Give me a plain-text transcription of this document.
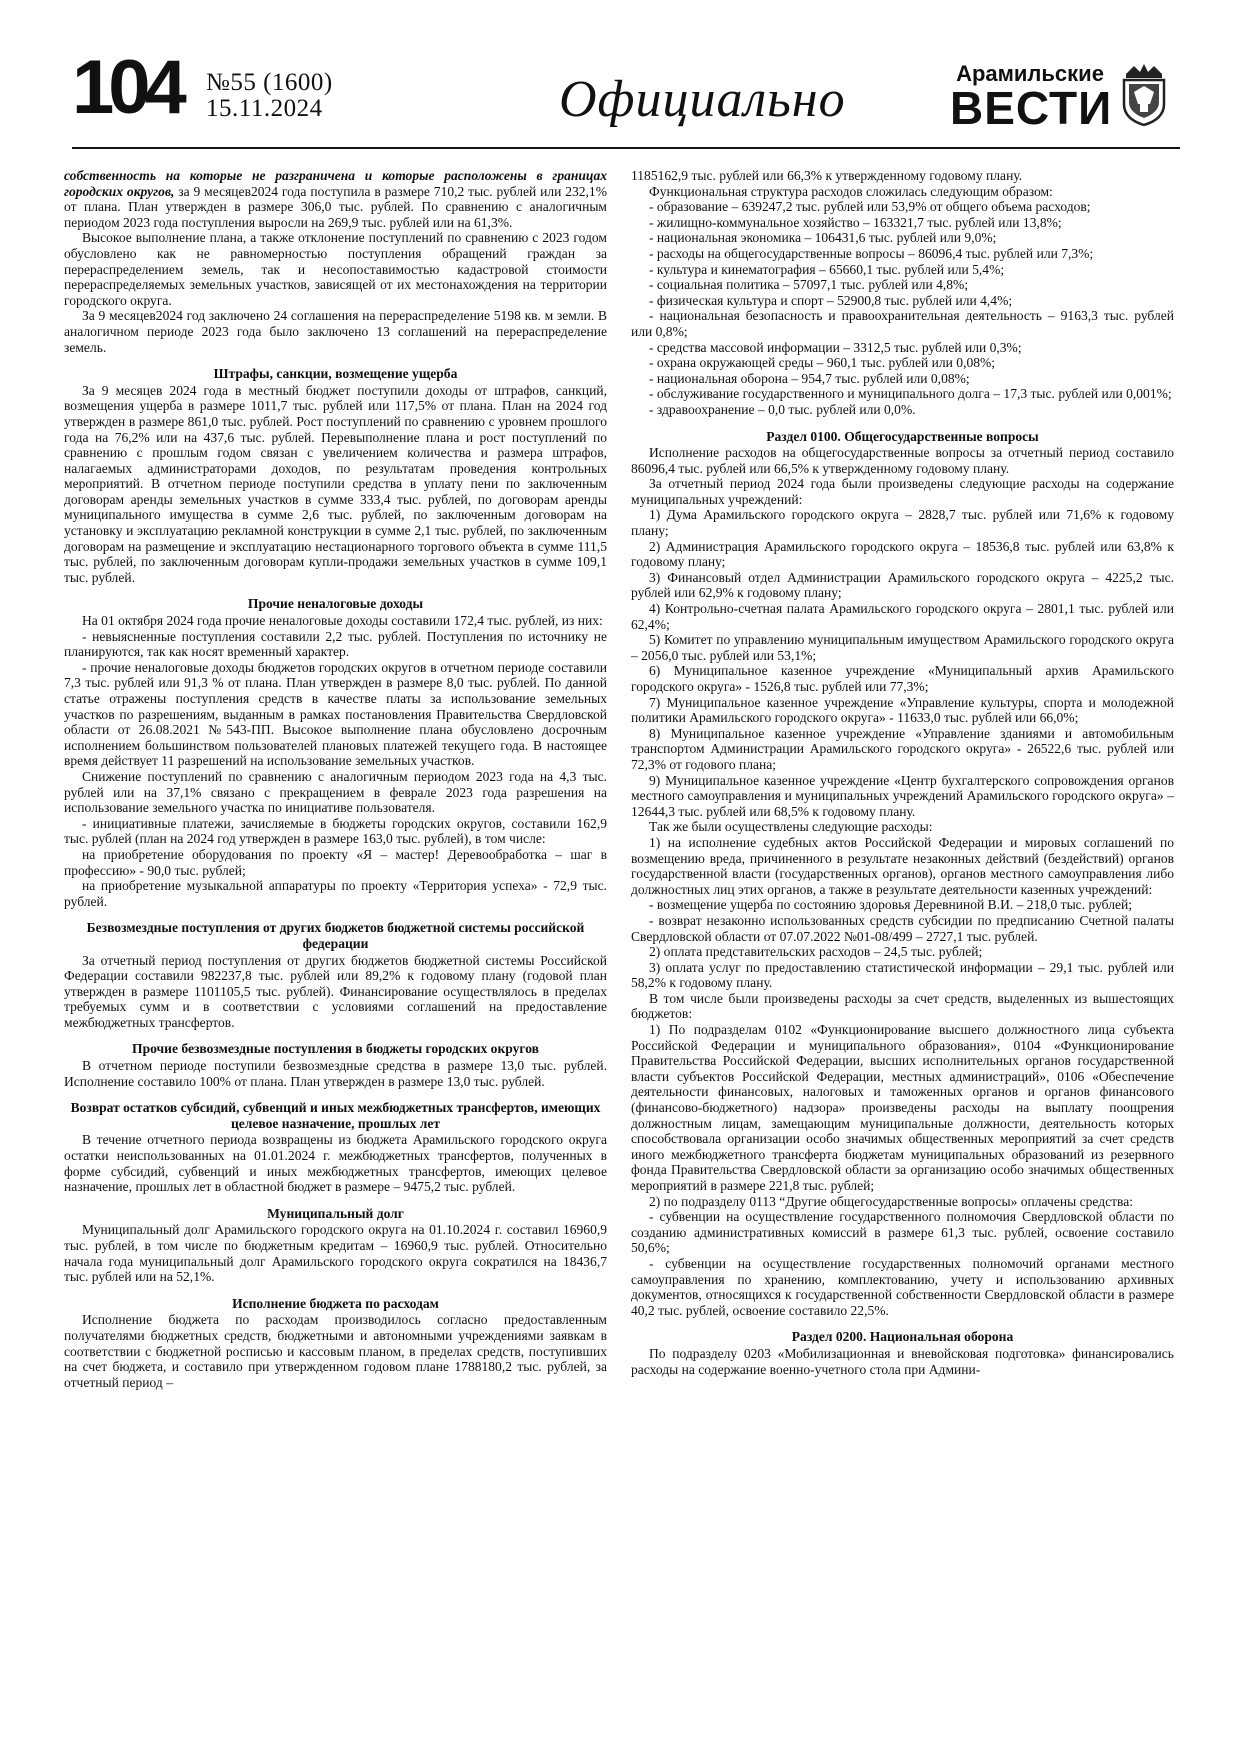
104 №55 (1600)
15.11.2024	Официально	Арамильские
ВЕСТИ

собственность на которые не разграничена и которые расположены в границах городских округов, за 9 месяцев2024 года поступила в размере 710,2 тыс. рублей или 232,1% от плана. План утвержден в размере 306,0 тыс. рублей. По сравнению с аналогичным периодом 2023 года поступления выросли на 269,9 тыс. рублей или на 61,3%.

Высокое выполнение плана, а также отклонение поступлений по сравнению с 2023 годом обусловлено как не равномерностью поступления обращений граждан за перераспределением земель, так и несопоставимостью кадастровой стоимости перераспределяемых земельных участков, зависящей от их местонахождения на территории городского округа.

За 9 месяцев2024 год заключено 24 соглашения на перераспределение 5198 кв. м земли. В аналогичном периоде 2023 года было заключено 13 соглашений на перераспределение земель.

Штрафы, санкции, возмещение ущерба

За 9 месяцев 2024 года в местный бюджет поступили доходы от штрафов, санкций, возмещения ущерба в размере 1011,7 тыс. рублей или 117,5% от плана. План на 2024 год утвержден в размере 861,0 тыс. рублей. Рост поступлений по сравнению с уровнем прошлого года на 76,2% или на 437,6 тыс. рублей. Перевыполнение плана и рост поступлений по сравнению с прошлым годом связан с увеличением количества и размера штрафов, налагаемых администраторами доходов, по результатам проведения контрольных мероприятий. В отчетном периоде поступили средства в уплату пени по заключенным договорам аренды земельных участков в сумме 333,4 тыс. рублей, по договорам аренды муниципального имущества в сумме 2,6 тыс. рублей, по заключенным договорам на установку и эксплуатацию рекламной конструкции в сумме 2,1 тыс. рублей, по заключенным договорам на размещение и эксплуатацию нестационарного торгового объекта в сумме 111,5 тыс. рублей, по заключенным договорам купли-продажи земельных участков в сумме 109,1 тыс. рублей.

Прочие неналоговые доходы

На 01 октября 2024 года прочие неналоговые доходы составили 172,4 тыс. рублей, из них:

- невыясненные поступления составили 2,2 тыс. рублей. Поступления по источнику не планируются, так как носят временный характер.

- прочие неналоговые доходы бюджетов городских округов в отчетном периоде составили 7,3 тыс. рублей или 91,3 % от плана. План утвержден в размере 8,0 тыс. рублей. По данной статье отражены поступления средств в качестве платы за использование земельных участков по разрешениям, выданным в рамках постановления Правительства Свердловской области от 26.08.2021 №543-ПП. Высокое выполнение плана обусловлено досрочным исполнением большинством пользователей плановых платежей текущего года. В настоящее время действует 11 разрешений на использование земельных участков.

Снижение поступлений по сравнению с аналогичным периодом 2023 года на 4,3 тыс. рублей или на 37,1% связано с прекращением в феврале 2023 года разрешения на использование земельного участка по инициативе пользователя.

- инициативные платежи, зачисляемые в бюджеты городских округов, составили 162,9 тыс. рублей (план на 2024 год утвержден в размере 163,0 тыс. рублей), в том числе:

на приобретение оборудования по проекту «Я – мастер! Деревообработка – шаг в профессию» - 90,0 тыс. рублей;

на приобретение музыкальной аппаратуры по проекту «Территория успеха» - 72,9 тыс. рублей.

Безвозмездные поступления от других бюджетов бюджетной системы российской федерации

За отчетный период поступления от других бюджетов бюджетной системы Российской Федерации составили 982237,8 тыс. рублей или 89,2% к годовому плану (годовой план утвержден в размере 1101105,5 тыс. рублей). Финансирование осуществлялось в пределах требуемых сумм и в соответствии с условиями соглашений на предоставление межбюджетных трансфертов.

Прочие безвозмездные поступления в бюджеты городских округов

В отчетном периоде поступили безвозмездные средства в размере 13,0 тыс. рублей. Исполнение составило 100% от плана. План утвержден в размере 13,0 тыс. рублей.

Возврат остатков субсидий, субвенций и иных межбюджетных трансфертов, имеющих целевое назначение, прошлых лет

В течение отчетного периода возвращены из бюджета Арамильского городского округа остатки неиспользованных на 01.01.2024 г. межбюджетных трансфертов, полученных в форме субсидий, субвенций и иных межбюджетных трансфертов, имеющих целевое назначение, прошлых лет в областной бюджет в размере – 9475,2 тыс. рублей.

Муниципальный долг

Муниципальный долг Арамильского городского округа на 01.10.2024 г. составил 16960,9 тыс. рублей, в том числе по бюджетным кредитам – 16960,9 тыс. рублей. Относительно начала года муниципальный долг Арамильского городского округа сократился на 18436,7 тыс. рублей или на 52,1%.

Исполнение бюджета по расходам

Исполнение бюджета по расходам производилось согласно предоставленным получателями бюджетных средств, бюджетными и автономными учреждениями заявкам в соответствии с бюджетной росписью и кассовым планом, в пределах средств, поступивших на счет бюджета, и составило при утвержденном годовом плане 1788180,2 тыс. рублей, за отчетный период –

1185162,9 тыс. рублей или 66,3% к утвержденному годовому плану.

Функциональная структура расходов сложилась следующим образом:

- образование – 639247,2 тыс. рублей или 53,9% от общего объема расходов;

- жилищно-коммунальное хозяйство – 163321,7 тыс. рублей или 13,8%;

- национальная экономика – 106431,6 тыс. рублей или 9,0%;

- расходы на общегосударственные вопросы – 86096,4 тыс. рублей или 7,3%;

- культура и кинематография – 65660,1 тыс. рублей или 5,4%;

- социальная политика – 57097,1 тыс. рублей или 4,8%;

- физическая культура и спорт – 52900,8 тыс. рублей или 4,4%;

- национальная безопасность и правоохранительная деятельность – 9163,3 тыс. рублей или 0,8%;

- средства массовой информации – 3312,5 тыс. рублей или 0,3%;

- охрана окружающей среды – 960,1 тыс. рублей или 0,08%;

- национальная оборона – 954,7 тыс. рублей или 0,08%;

- обслуживание государственного и муниципального долга – 17,3 тыс. рублей или 0,001%;

- здравоохранение – 0,0 тыс. рублей или 0,0%.

Раздел 0100. Общегосударственные вопросы

Исполнение расходов на общегосударственные вопросы за отчетный период составило 86096,4 тыс. рублей или 66,5% к утвержденному годовому плану.

За отчетный период 2024 года были произведены следующие расходы на содержание муниципальных учреждений:

1) Дума Арамильского городского округа – 2828,7 тыс. рублей или 71,6% к годовому плану;

2) Администрация Арамильского городского округа – 18536,8 тыс. рублей или 63,8% к годовому плану;

3) Финансовый отдел Администрации Арамильского городского округа – 4225,2 тыс. рублей или 62,9% к годовому плану;

4) Контрольно-счетная палата Арамильского городского округа – 2801,1 тыс. рублей или 62,4%;

5) Комитет по управлению муниципальным имуществом Арамильского городского округа – 2056,0 тыс. рублей или 53,1%;

6) Муниципальное казенное учреждение «Муниципальный архив Арамильского городского округа» - 1526,8 тыс. рублей или 77,3%;

7) Муниципальное казенное учреждение «Управление культуры, спорта и молодежной политики Арамильского городского округа» - 11633,0 тыс. рублей или 66,0%;

8) Муниципальное казенное учреждение «Управление зданиями и автомобильным транспортом Администрации Арамильского городского округа» - 26522,6 тыс. рублей или 72,3% от годового плана;

9) Муниципальное казенное учреждение «Центр бухгалтерского сопровождения органов местного самоуправления и муниципальных учреждений Арамильского городского округа» – 12644,3 тыс. рублей или 68,5% к годовому плану.

Так же были осуществлены следующие расходы:

1) на исполнение судебных актов Российской Федерации и мировых соглашений по возмещению вреда, причиненного в результате незаконных действий (бездействий) органов государственной власти (государственных органов), органов местного самоуправления либо должностных лиц этих органов, а также в результате деятельности казенных учреждений:

- возмещение ущерба по состоянию здоровья Деревниной В.И. – 218,0 тыс. рублей;

- возврат незаконно использованных средств субсидии по предписанию Счетной палаты Свердловской области от 07.07.2022 №01-08/499 – 2727,1 тыс. рублей.

2) оплата представительских расходов – 24,5 тыс. рублей;

3) оплата услуг по предоставлению статистической информации – 29,1 тыс. рублей или 58,2% к годовому плану.

В том числе были произведены расходы за счет средств, выделенных из вышестоящих бюджетов:

1) По подразделам 0102 «Функционирование высшего должностного лица субъекта Российской Федерации и муниципального образования», 0104 «Функционирование Правительства Российской Федерации, высших исполнительных органов государственной власти субъектов Российской Федерации, местных администраций», 0106 «Обеспечение деятельности финансовых, налоговых и таможенных органов и органов финансового (финансово-бюджетного) надзора» произведены расходы на выплату поощрения должностным лицам, замещающим муниципальные должности, деятельность которых способствовала организации особо значимых общественных мероприятий за счет средств иного межбюджетного трансферта бюджетам муниципальных образований из резервного фонда Правительства Свердловской области за организацию особо значимых общественных мероприятий в размере 221,8 тыс. рублей;

2) по подразделу 0113 “Другие общегосударственные вопросы» оплачены средства:

- субвенции на осуществление государственного полномочия Свердловской области по созданию административных комиссий в размере 61,3 тыс. рублей, освоение составило 50,6%;

- субвенции на осуществление государственных полномочий органами местного самоуправления по хранению, комплектованию, учету и использованию архивных документов, относящихся к государственной собственности Свердловской области в размере 40,2 тыс. рублей, освоение составило 22,5%.

Раздел 0200. Национальная оборона

По подразделу 0203 «Мобилизационная и вневойсковая подготовка» финансировались расходы на содержание военно-учетного стола при Админи-
